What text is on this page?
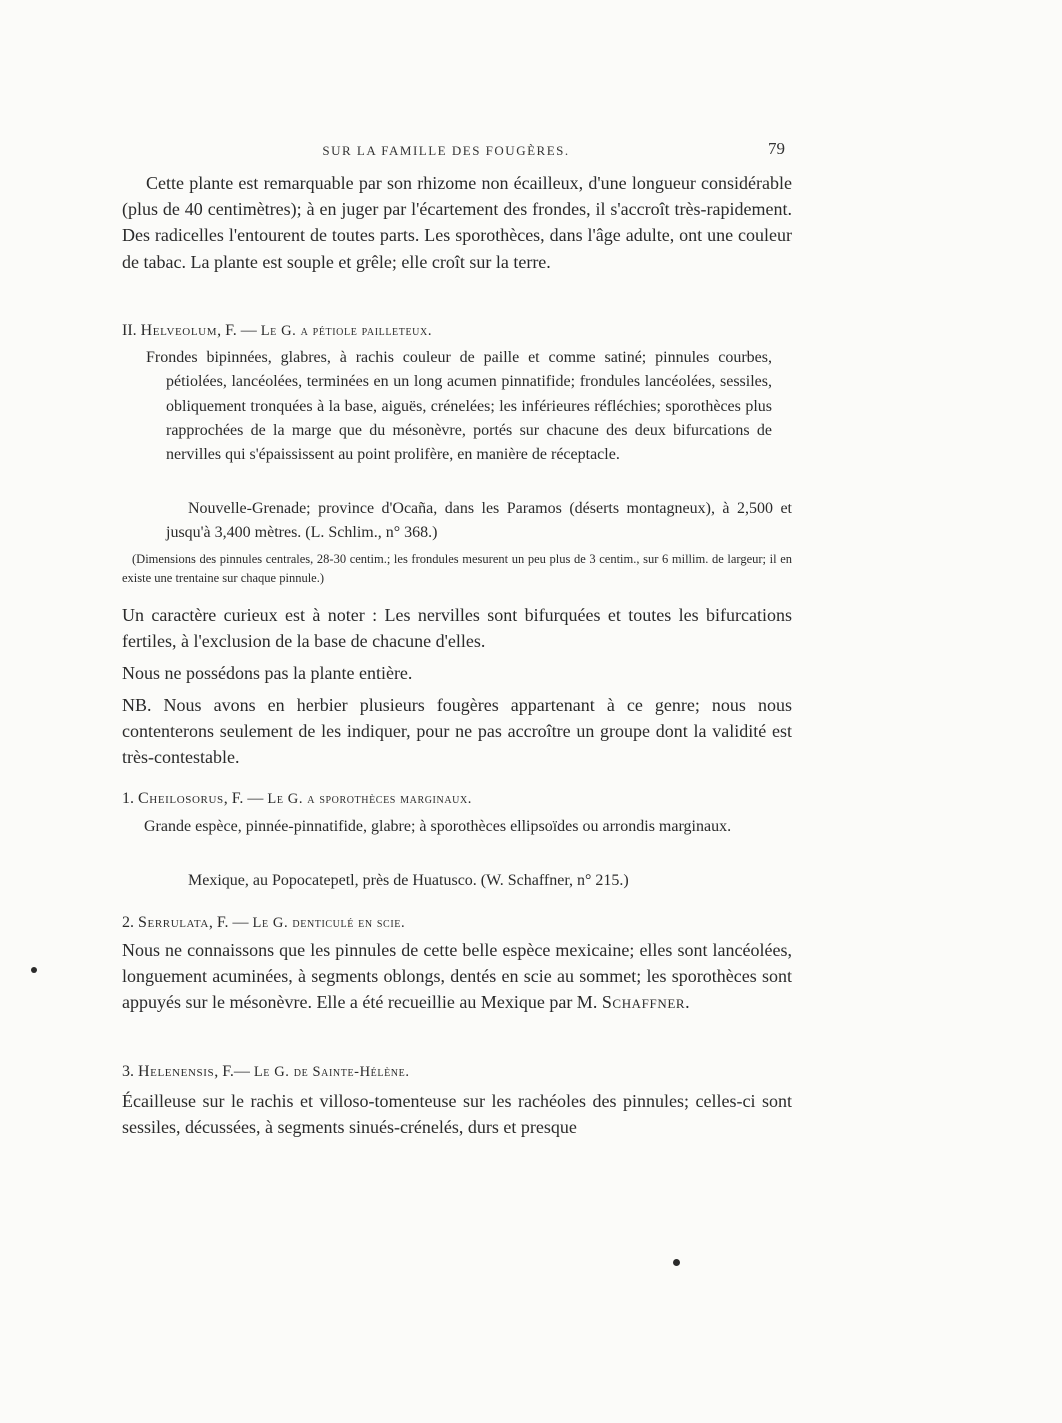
SUR LA FAMILLE DES FOUGÈRES.	79
Cette plante est remarquable par son rhizome non écailleux, d'une longueur considérable (plus de 40 centimètres); à en juger par l'écartement des frondes, il s'accroît très-rapidement. Des radicelles l'entourent de toutes parts. Les sporothèces, dans l'âge adulte, ont une couleur de tabac. La plante est souple et grêle; elle croît sur la terre.
II. Helveolum, F. — Le G. a pétiole pailleteux.
Frondes bipinnées, glabres, à rachis couleur de paille et comme satiné; pinnules courbes, pétiolées, lancéolées, terminées en un long acumen pinnatifide; frondules lancéolées, sessiles, obliquement tronquées à la base, aiguës, crénelées; les inférieures réfléchies; sporothèces plus rapprochées de la marge que du mésonèvre, portés sur chacune des deux bifurcations de nervilles qui s'épaississent au point prolifère, en manière de réceptacle.
Nouvelle-Grenade; province d'Ocaña, dans les Paramos (déserts montagneux), à 2,500 et jusqu'à 3,400 mètres. (L. Schlim., n° 368.)
(Dimensions des pinnules centrales, 28-30 centim.; les frondules mesurent un peu plus de 3 centim., sur 6 millim. de largeur; il en existe une trentaine sur chaque pinnule.)
Un caractère curieux est à noter : Les nervilles sont bifurquées et toutes les bifurcations fertiles, à l'exclusion de la base de chacune d'elles.
Nous ne possédons pas la plante entière.
NB. Nous avons en herbier plusieurs fougères appartenant à ce genre; nous nous contenterons seulement de les indiquer, pour ne pas accroître un groupe dont la validité est très-contestable.
1. Cheilosorus, F. — Le G. a sporothèces marginaux.
Grande espèce, pinnée-pinnatifide, glabre; à sporothèces ellipsoïdes ou arrondis marginaux.
Mexique, au Popocatepetl, près de Huatusco. (W. Schaffner, n° 215.)
2. Serrulata, F. — Le G. denticulé en scie.
Nous ne connaissons que les pinnules de cette belle espèce mexicaine; elles sont lancéolées, longuement acuminées, à segments oblongs, dentés en scie au sommet; les sporothèces sont appuyés sur le mésonèvre. Elle a été recueillie au Mexique par M. Schaffner.
3. Helenensis, F.— Le G. de Sainte-Hélène.
Écailleuse sur le rachis et villoso-tomenteuse sur les rachéoles des pinnules; celles-ci sont sessiles, décussées, à segments sinués-crénelés, durs et presque
